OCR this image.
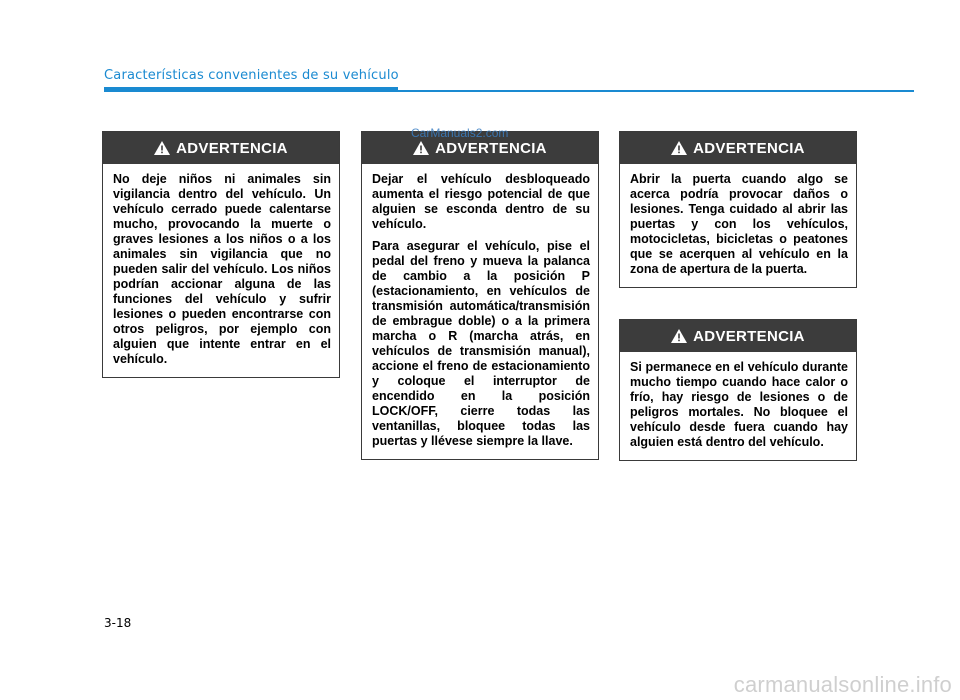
Características convenientes de su vehículo
ADVERTENCIA

No deje niños ni animales sin vigilancia dentro del vehículo. Un vehículo cerrado puede calentarse mucho, provocando la muerte o graves lesiones a los niños o a los animales sin vigilancia que no pueden salir del vehículo. Los niños podrían accionar alguna de las funciones del vehículo y sufrir lesiones o pueden encontrarse con otros peligros, por ejemplo con alguien que intente entrar en el vehículo.

ADVERTENCIA

Dejar el vehículo desbloqueado aumenta el riesgo potencial de que alguien se esconda dentro de su vehículo.

Para asegurar el vehículo, pise el pedal del freno y mueva la palanca de cambio a la posición P (estacionamiento, en vehículos de transmisión automática/transmisión de embrague doble) o a la primera marcha o R (marcha atrás, en vehículos de transmisión manual), accione el freno de estacionamiento y coloque el interruptor de encendido en la posición LOCK/OFF, cierre todas las ventanillas, bloquee todas las puertas y llévese siempre la llave.

ADVERTENCIA

Abrir la puerta cuando algo se acerca podría provocar daños o lesiones. Tenga cuidado al abrir las puertas y con los vehículos, motocicletas, bicicletas o peatones que se acerquen al vehículo en la zona de apertura de la puerta.

ADVERTENCIA

Si permanece en el vehículo durante mucho tiempo cuando hace calor o frío, hay riesgo de lesiones o de peligros mortales. No bloquee el vehículo desde fuera cuando hay alguien está dentro del vehículo.

CarManuals2.com
3-18
carmanualsonline.info
